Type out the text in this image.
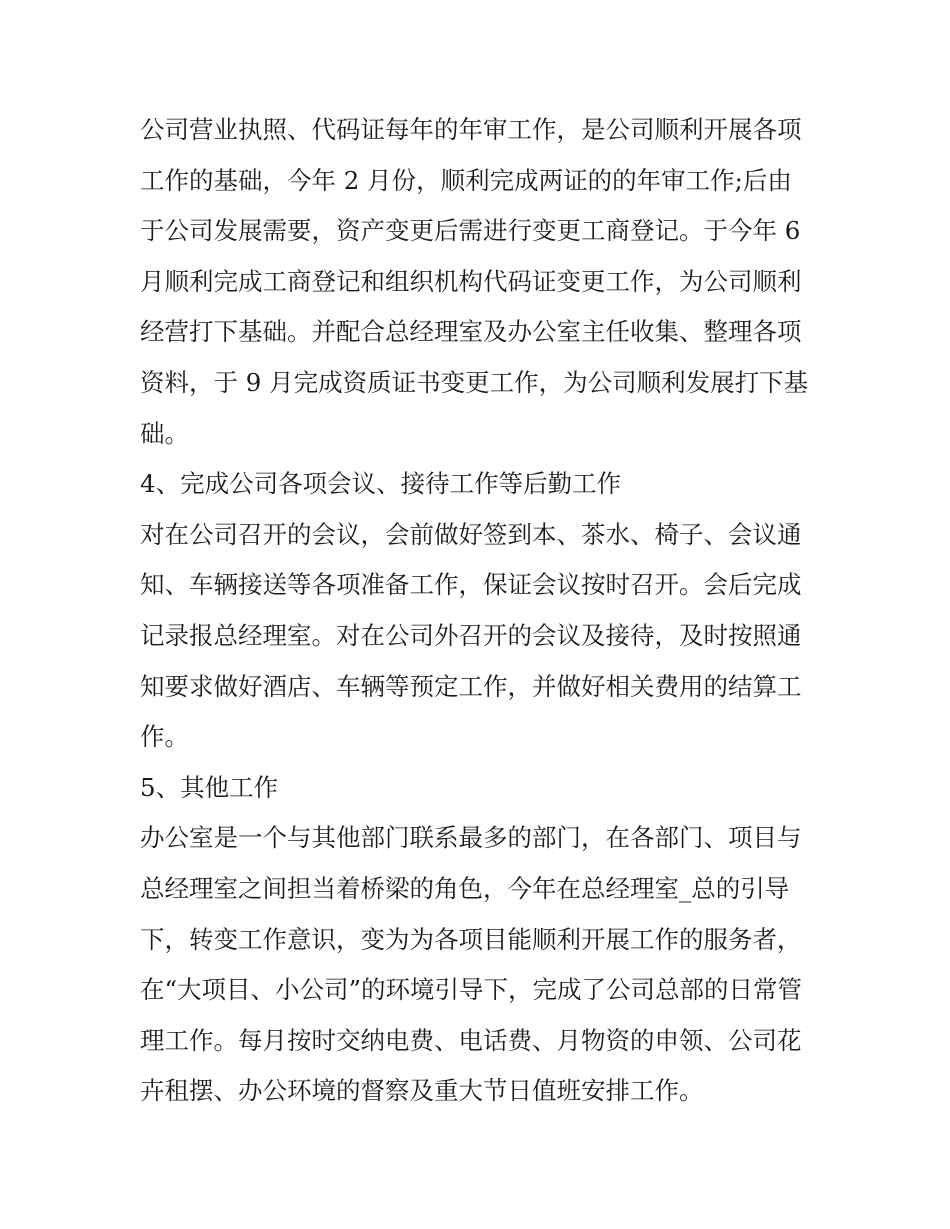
公司营业执照、代码证每年的年审工作，是公司顺利开展各项
工作的基础，今年 2 月份，顺利完成两证的的年审工作;后由
于公司发展需要，资产变更后需进行变更工商登记。于今年 6
月顺利完成工商登记和组织机构代码证变更工作，为公司顺利
经营打下基础。并配合总经理室及办公室主任收集、整理各项
资料，于 9 月完成资质证书变更工作，为公司顺利发展打下基
础。
4、完成公司各项会议、接待工作等后勤工作
对在公司召开的会议，会前做好签到本、茶水、椅子、会议通
知、车辆接送等各项准备工作，保证会议按时召开。会后完成
记录报总经理室。对在公司外召开的会议及接待，及时按照通
知要求做好酒店、车辆等预定工作，并做好相关费用的结算工
作。
5、其他工作
办公室是一个与其他部门联系最多的部门，在各部门、项目与
总经理室之间担当着桥梁的角色，今年在总经理室_总的引导
下，转变工作意识，变为为各项目能顺利开展工作的服务者，
在“大项目、小公司”的环境引导下，完成了公司总部的日常管
理工作。每月按时交纳电费、电话费、月物资的申领、公司花
卉租摆、办公环境的督察及重大节日值班安排工作。
